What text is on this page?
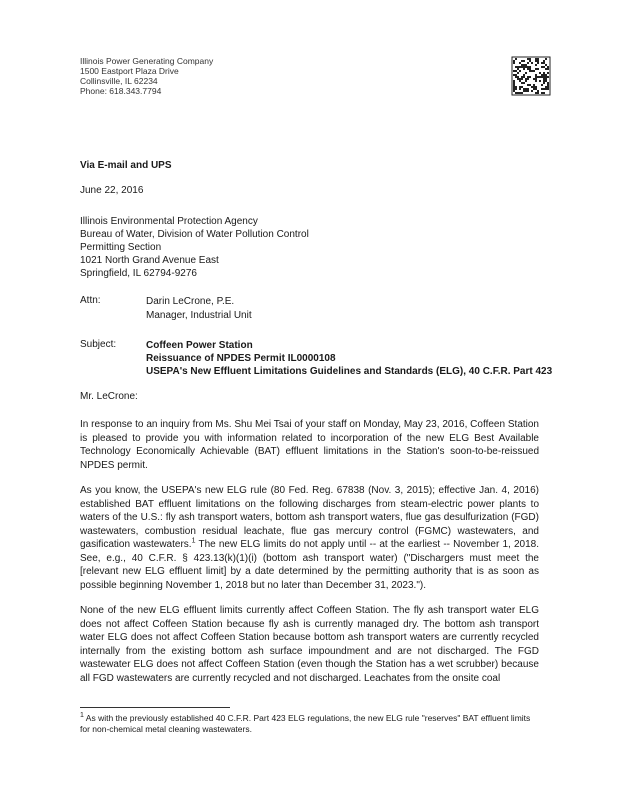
Illinois Power Generating Company
1500 Eastport Plaza Drive
Collinsville, IL 62234
Phone: 618.343.7794
Via E-mail and UPS
June 22, 2016
Illinois Environmental Protection Agency
Bureau of Water, Division of Water Pollution Control
Permitting Section
1021 North Grand Avenue East
Springfield, IL 62794-9276
Attn:	Darin LeCrone, P.E.
Manager, Industrial Unit
Subject:	Coffeen Power Station
Reissuance of NPDES Permit IL0000108
USEPA's New Effluent Limitations Guidelines and Standards (ELG), 40 C.F.R. Part 423
Mr. LeCrone:
In response to an inquiry from Ms. Shu Mei Tsai of your staff on Monday, May 23, 2016, Coffeen Station is pleased to provide you with information related to incorporation of the new ELG Best Available Technology Economically Achievable (BAT) effluent limitations in the Station's soon-to-be-reissued NPDES permit.
As you know, the USEPA's new ELG rule (80 Fed. Reg. 67838 (Nov. 3, 2015); effective Jan. 4, 2016) established BAT effluent limitations on the following discharges from steam-electric power plants to waters of the U.S.: fly ash transport waters, bottom ash transport waters, flue gas desulfurization (FGD) wastewaters, combustion residual leachate, flue gas mercury control (FGMC) wastewaters, and gasification wastewaters.$^1$ The new ELG limits do not apply until -- at the earliest -- November 1, 2018. See, e.g., 40 C.F.R. § 423.13(k)(1)(i) (bottom ash transport water) ("Dischargers must meet the [relevant new ELG effluent limit] by a date determined by the permitting authority that is as soon as possible beginning November 1, 2018 but no later than December 31, 2023.").
None of the new ELG effluent limits currently affect Coffeen Station. The fly ash transport water ELG does not affect Coffeen Station because fly ash is currently managed dry. The bottom ash transport water ELG does not affect Coffeen Station because bottom ash transport waters are currently recycled internally from the existing bottom ash surface impoundment and are not discharged. The FGD wastewater ELG does not affect Coffeen Station (even though the Station has a wet scrubber) because all FGD wastewaters are currently recycled and not discharged. Leachates from the onsite coal
$^1$ As with the previously established 40 C.F.R. Part 423 ELG regulations, the new ELG rule "reserves" BAT effluent limits for non-chemical metal cleaning wastewaters.
